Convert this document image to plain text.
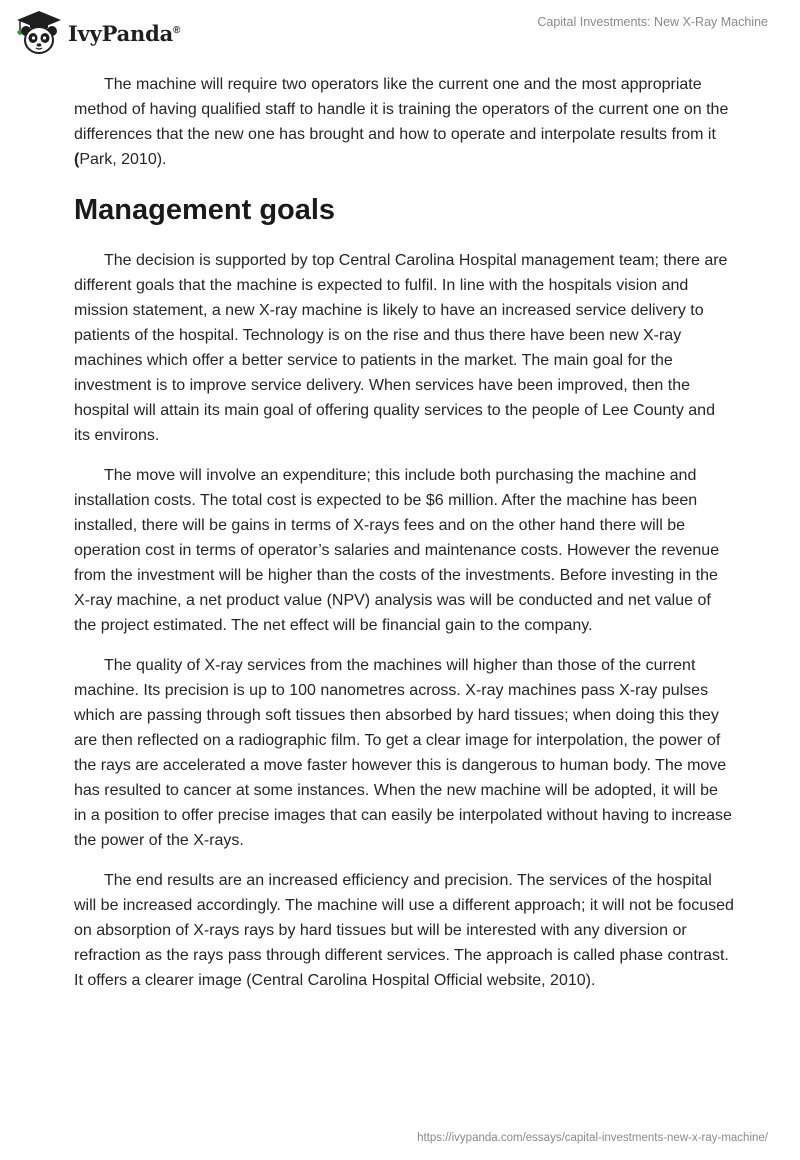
IvyPanda®
Capital Investments: New X-Ray Machine

The machine will require two operators like the current one and the most appropriate method of having qualified staff to handle it is training the operators of the current one on the differences that the new one has brought and how to operate and interpolate results from it (Park, 2010).

Management goals

The decision is supported by top Central Carolina Hospital management team; there are different goals that the machine is expected to fulfil. In line with the hospitals vision and mission statement, a new X-ray machine is likely to have an increased service delivery to patients of the hospital. Technology is on the rise and thus there have been new X-ray machines which offer a better service to patients in the market. The main goal for the investment is to improve service delivery. When services have been improved, then the hospital will attain its main goal of offering quality services to the people of Lee County and its environs.

The move will involve an expenditure; this include both purchasing the machine and installation costs. The total cost is expected to be $6 million. After the machine has been installed, there will be gains in terms of X-rays fees and on the other hand there will be operation cost in terms of operator’s salaries and maintenance costs. However the revenue from the investment will be higher than the costs of the investments. Before investing in the X-ray machine, a net product value (NPV) analysis was will be conducted and net value of the project estimated. The net effect will be financial gain to the company.

The quality of X-ray services from the machines will higher than those of the current machine. Its precision is up to 100 nanometres across. X-ray machines pass X-ray pulses which are passing through soft tissues then absorbed by hard tissues; when doing this they are then reflected on a radiographic film. To get a clear image for interpolation, the power of the rays are accelerated a move faster however this is dangerous to human body. The move has resulted to cancer at some instances. When the new machine will be adopted, it will be in a position to offer precise images that can easily be interpolated without having to increase the power of the X-rays.

The end results are an increased efficiency and precision. The services of the hospital will be increased accordingly. The machine will use a different approach; it will not be focused on absorption of X-rays rays by hard tissues but will be interested with any diversion or refraction as the rays pass through different services. The approach is called phase contrast. It offers a clearer image (Central Carolina Hospital Official website, 2010).

https://ivypanda.com/essays/capital-investments-new-x-ray-machine/
